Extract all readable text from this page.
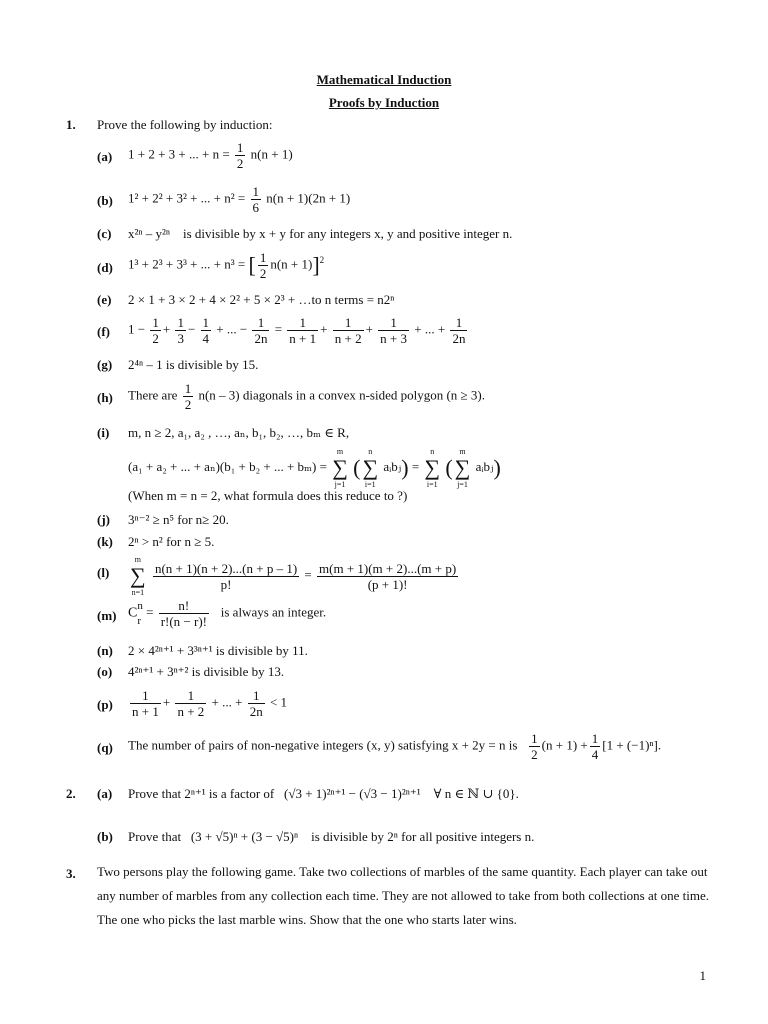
Mathematical Induction
Proofs by Induction
1. Prove the following by induction:
(a) 1 + 2 + 3 + ... + $n = \frac{1}{2} n(n + 1)$
(b) 1² + 2² + 3² + ... + $n^2 = \frac{1}{6} n(n + 1)(2n + 1)$
(c) x²ⁿ – y²ⁿ is divisible by x + y for any integers x, y and positive integer n.
(d) 1³ + 2³ + 3³ + ... + n³ = [ $\frac{1}{2} n(n + 1)]^2$
(e) 2 × 1 + 3 × 2 + 4 × 2² + 5 × 2³ + …to n terms = n2ⁿ
(f) $1 - \frac{1}{2} + \frac{1}{3} - \frac{1}{4}$ + ... − $\frac{1}{2n} = \frac{1}{n + 1} + \frac{1}{n + 2} + \frac{1}{n + 3}$ + ... + $\frac{1}{2n}$
(g) 2⁴ⁿ – 1 is divisible by 15.
(h) There are $\frac{1}{2} n(n - 3)$ diagonals in a convex n-sided polygon (n ≥ 3).
(i) m, n ≥ 2, a₁, a₂ , …, aₙ, b₁, b₂, …, bₘ ∈ R,
(a₁ + a₂ + ... + aₙ)(b₁ + b₂ + ... + bₘ) =
m
∑
j=1
(
n
∑
i=1
aᵢbⱼ) =
n
∑
i=1
(
m
∑
j=1
aᵢbⱼ)
(When m = n = 2, what formula does this reduce to ?)
(j) 3ⁿ⁻² ≥ n⁵ for n≥ 20.
(k) 2ⁿ > n² for n ≥ 5.
(l)
m
∑
n=1

$\frac{n(n + 1)(n + 2)...(n + p - 1)}{p!} = \frac{m(m + 1)(m + 2)...(m + p)}{(p + 1)!}$
(m) C n
r
= $\frac{n!}{r!(n - r)!}$ is always an integer.
(n) 2 × 4²ⁿ⁺¹ + 3³ⁿ⁺¹ is divisible by 11.
(o) 4²ⁿ⁺¹ + 3ⁿ⁺² is divisible by 13.
$(p) \frac{1}{n + 1} + \frac{1}{n + 2}$ + ... + $\frac{1}{2n} < 1$
(q) The number of pairs of non-negative integers (x, y) satisfying x + 2y = n is $\frac{1}{2} (n + 1) + \frac{1}{4} [1 + (-1)^n]$.
2. (a) Prove that 2ⁿ⁺¹ is a factor of (√3 + 1)²ⁿ⁺¹ − (√3 − 1)²ⁿ⁺¹ ∀ n ∈ ℕ ∪ {0}.
(b) Prove that (3 + √5)ⁿ + (3 − √5)ⁿ is divisible by 2ⁿ for all positive integers n.
3. Two persons play the following game. Take two collections of marbles of the same quantity. Each player can take out any number of marbles from any collection each time. They are not allowed to take from both collections at one time. The one who picks the last marble wins. Show that the one who starts later wins.
1
